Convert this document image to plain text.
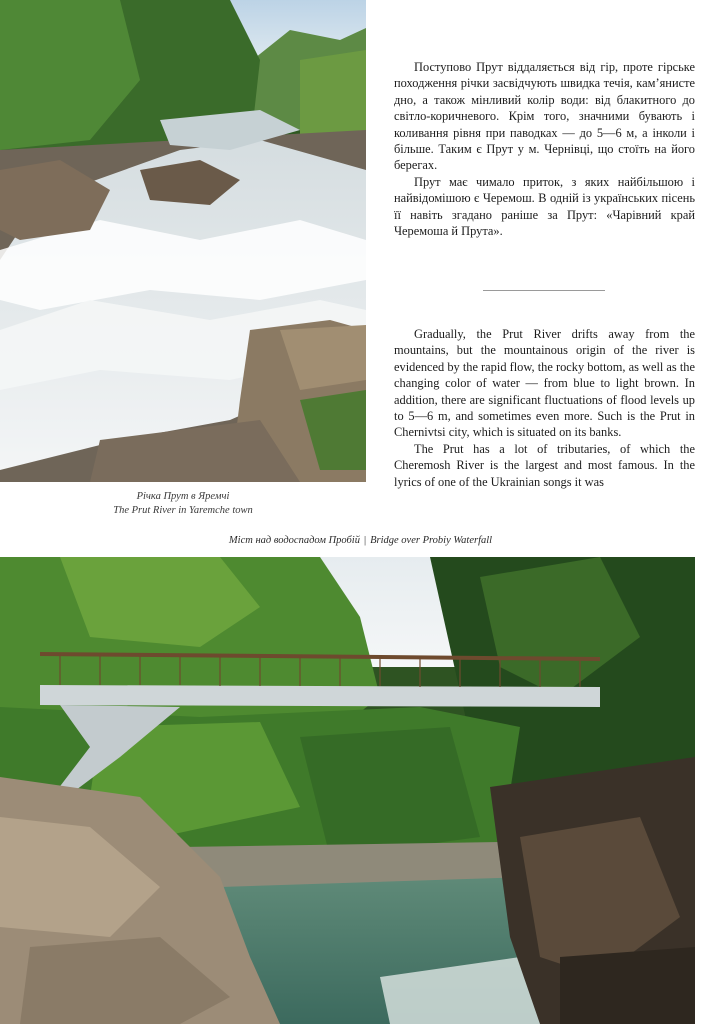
Річка Прут в Яремчі
The Prut River in Yaremche town

Поступово Прут віддаляється від гір, проте гірське походження річки засвідчують швидка течія, кам’янисте дно, а також мінливий колір води: від блакитного до світло-коричневого. Крім того, значними бувають і коливання рівня при паводках — до 5—6 м, а інколи і більше. Таким є Прут у м. Чернівці, що стоїть на його берегах.

Прут має чимало приток, з яких найбільшою і найвідомішою є Черемош. В одній із українських пісень її навіть згадано раніше за Прут: «Чарівний край Черемоша й Прута».

Gradually, the Prut River drifts away from the mountains, but the mountainous origin of the river is evidenced by the rapid flow, the rocky bottom, as well as the changing color of water — from blue to light brown. In addition, there are significant fluctuations of flood levels up to 5—6 m, and sometimes even more. Such is the Prut in Chernivtsi city, which is situated on its banks.

The Prut has a lot of tributaries, of which the Cheremosh River is the largest and most famous. In the lyrics of one of the Ukrainian songs it was

Міст над водоспадом Пробій | Bridge over Probiy Waterfall
